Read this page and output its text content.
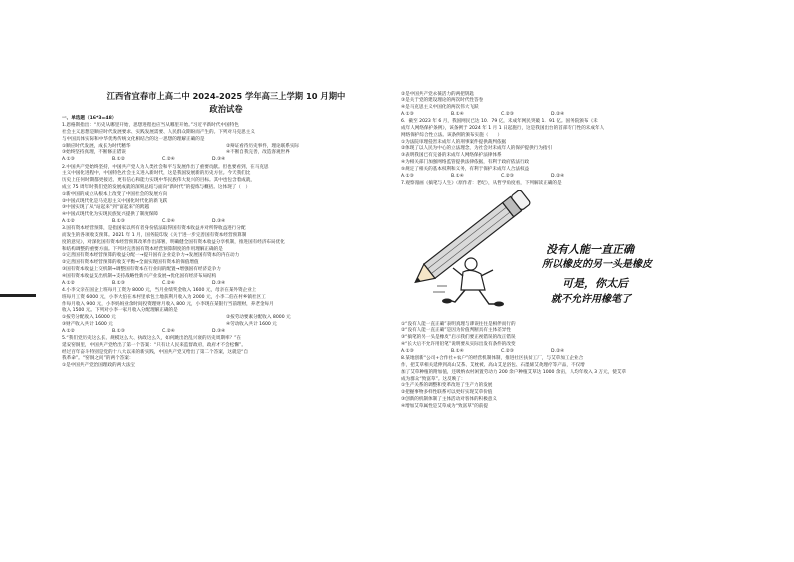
江西省宜春市上高二中 2024-2025 学年高三上学期 10 月期中
政治试卷
一、单选题（16*3=48）

1.恩格斯指出：“历史从哪里开始，思想进程也应当从哪里开始。”习近平新时代中国特色

社会主义思想是顺应时代发展要求、实践发展需要、人民群众期盼而产生的。下列对马克思主义

与中国具体实际和中华优秀传统文化相结合的这一思想的理解正确的是

①顺应时代发展，成长为时代精华	②辩证看待历史事件，理论联系实际
③始终坚持真理，不断修正错误	④不断自我完善，改造客观世界
A.①③	B.①②	C.②④	D.③④

2.中国共产党始终坚持，中国共产党人为人类社会和平与发展作出了重要贡献。但也要看到，在马克思

主义中国化进程中，中国特色社会主义进入新时代，这是我国发展新的历史方位。今天我们比

历史上任何时期都更接近、更有信心和能力实现中华民族伟大复兴的目标。其中也包含着成就，

成立 75 周年时我们党的发展成就的深刻总结与面向“新时代”的提炼与概括。这体现了（　）

①新中国的成立从根本上改变了中国社会的发展方向

②中国式现代化是马克思主义中国化时代化的新飞跃

③中国实现了从“站起来”到“富起来”的跨越

④中国式现代化为实现民族复兴提供了制度保障

A.①②	B.①③	C.②④	D.③④

3.国有资本经营预算，是指国家以所有者身份依法取得国有资本收益并对所得收益进行分配

而发生的各项收支预算。2021 年 1 月，国务院印发《关于进一步完善国有资本经营预算制

度的意见》，对深化国有资本经营预算改革作出部署，明确健全国有资本收益分享机制，推进国有经济布局优化

和结构调整的重要方面。下列对完善国有资本经营预算制度的作用理解正确的是

①完善国有资本经营预算的收益分配一→提升国有企业竞争力→发展国有资本的内在动力

②完善国有资本经营预算的收支平衡→全面实现国有资本的保值增值

③国有资本收益上交机制→调整国有资本在行业间的配置→增强国有经济竞争力

④国有资本收益支出机制→支持战略性新兴产业发展→优化国有经济布局结构

A.①②	B.①③	C.②④	D.③④

4.小李父亲在国企上班每月工资为 8000 元，当月业绩奖金收入 1600 元，母亲在某外资企业上

班每月工资 6000 元，小李大伯在本村里承包土地获利月收入为 2000 元，小李二伯在村乡镇社区工

作每月收入 900 元，小李妈妈业余时间投资理财月收入 800 元，小李现在某银行当前理财，养老金每月

收入 1500 元。下列对小李一家月收入分配理解正确的是

①按劳分配收入 16000 元	②按劳动要素分配收入 8000 元
③财产收入共计 1600 元	④劳动收入共计 1600 元
A.①②	B.①③	C.②④	D.③④

5.“我们党历史这么长、规模这么大、执政这么久，如何跳出治乱兴衰的历史周期率？”在

延安窑洞里，中国共产党给出了第一个答案：“只有让人民来监督政府，政府才不会松懈”。

经过百年奋斗特别是党的十八大以来的新实践，中国共产党又给出了第二个答案，这就是“自

我革命”。“窑洞之问”的两个答案：

①是中国共产党治国理政的两大法宝

②是中国共产党永葆活力的两把钥匙

③是关于党的建设理论的两次时代性答卷

④是马克思主义中国化的两次伟大飞跃

A.①③	B.①④	C.②③	D.②④

6．截至 2023 年 6 月，我国网民已达 10．79 亿，未成年网民突破 1．91 亿。国务院颁布《未

成年人网络保护条例》，该条例于 2024 年 1 月 1 日起施行，这是我国出台的首部专门性的未成年人

网络保护综合性立法。该条例的颁布实施（　　）

①为法院审理侵害未成年人的刑事案件提供裁判依据

②体现了以人民为中心的立法理念，为社会对未成年人的保护提供行为指引

③表明我国已有完备的未成年人网络保护法律体系

④为相关部门加强网络监管提供法律依据，有利于政府依法行政

⑤规定了相关的基本权利和义务，有利于保护未成年人合法权益

A.①③	B.①④	C.②③	D.②④

7.观察漫画《搞笔与人生》（原作者：老纪），从哲学角度看，下列解读正确的是

没有人能一直正确
所以橡皮的另一头是橡皮
可是，你太后
就不允许用橡笔了

①“没有人能一直正确”表明真理与谬误往往是相伴而行的

②“没有人能一直正确”是因为价值判断具有主体差异性

③“搞笔的另一头是橡皮”启示我们要正视错误的改正错误

④“长大后不允许用铅笔”说明要从实际出发有条件的改变

A.①③	B.①④	C.②③	D.②④

8.某地创新“公司+合作社+农户”的经营机制体制，推进社区扶贫工厂，与艾草加工企业合

作，把艾草相关延伸到高山艾茶、艾枕被、高山艾足浴包、石墨烯艾灸理疗等产品，不仅增

加了艾草种植的附加值，还吸纳农村闲置劳动力 200 余户种植艾草达 1000 余亩，人均年收入 3 万元，使艾草

成为群众“致富草”。这反映了：

①生产关系的调整和变革改进了生产力的发展

②把握事物多样性联系可以更好实现艾草价值

③创新的机制体制了主体活动对客体的积极意义

④增加艾草属性是艾草成为“致富草”的前提
